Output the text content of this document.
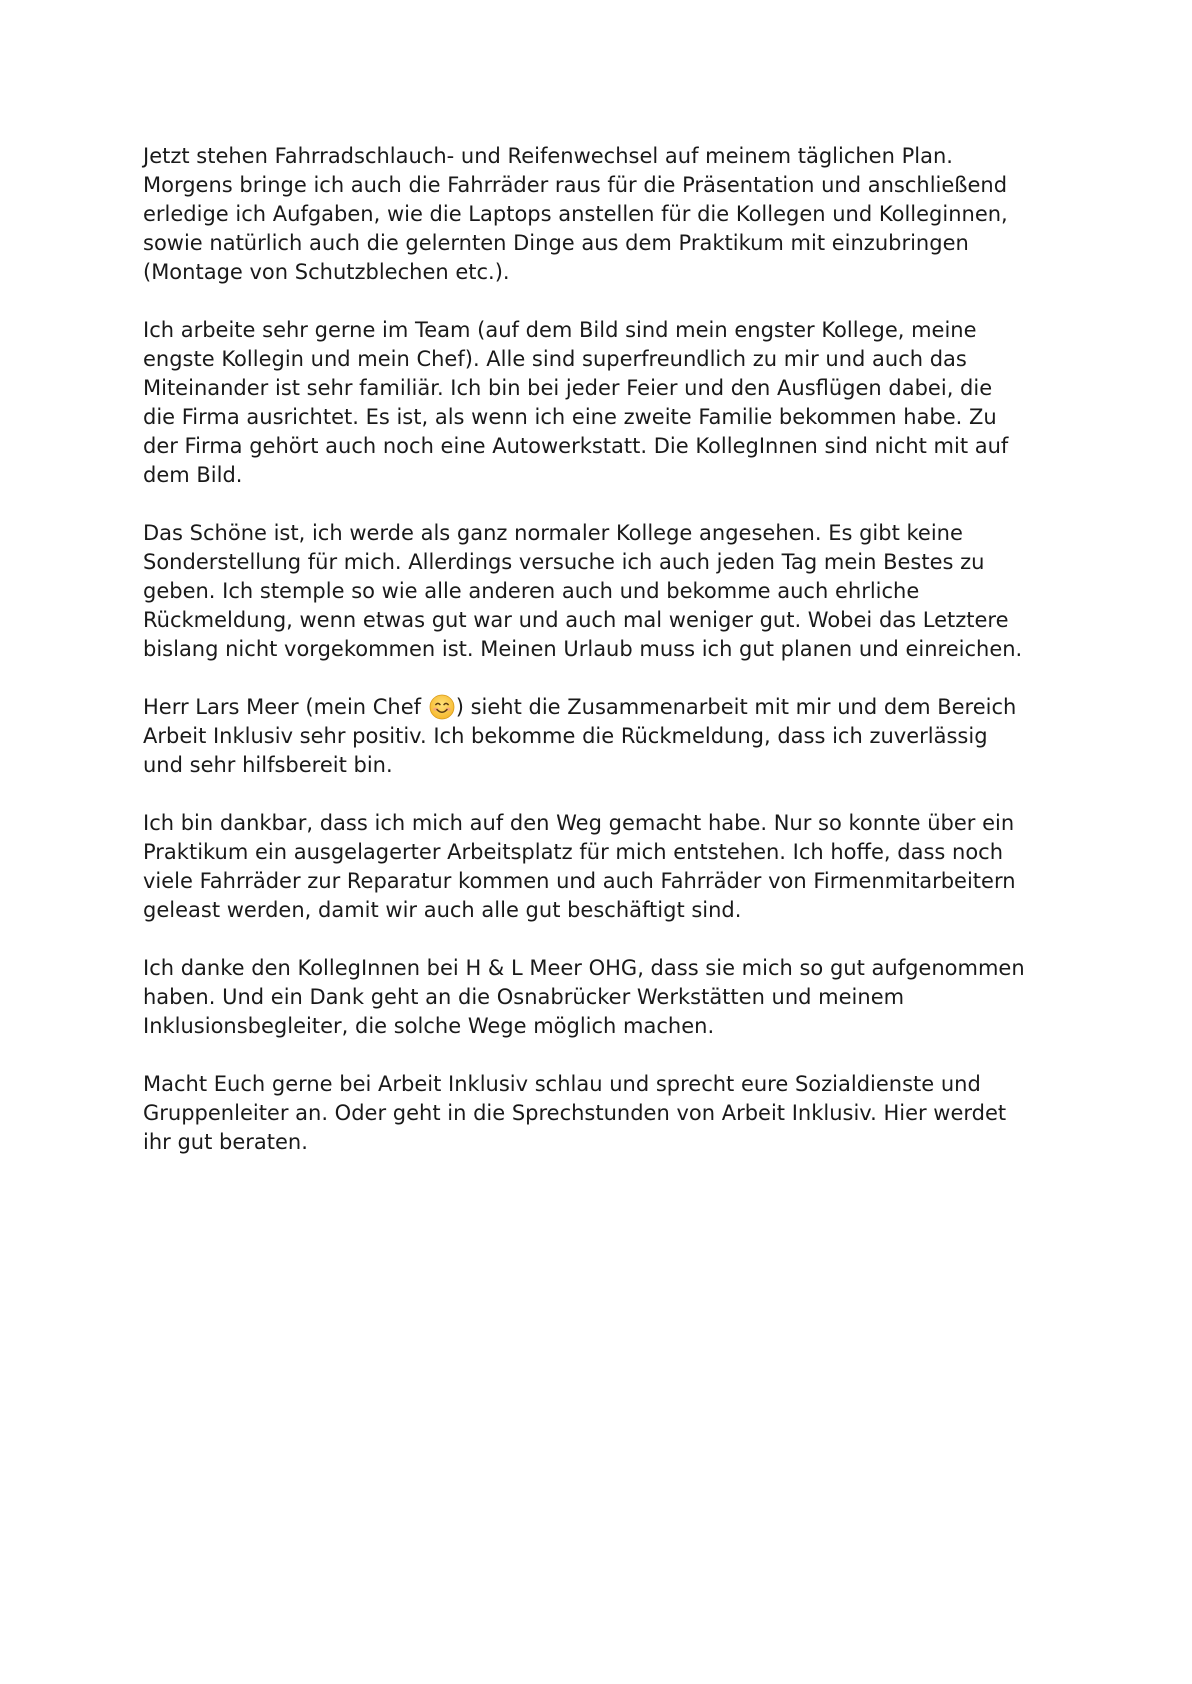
Jetzt stehen Fahrradschlauch- und Reifenwechsel auf meinem täglichen Plan.
Morgens bringe ich auch die Fahrräder raus für die Präsentation und anschließend
erledige ich Aufgaben, wie die Laptops anstellen für die Kollegen und Kolleginnen,
sowie natürlich auch die gelernten Dinge aus dem Praktikum mit einzubringen
(Montage von Schutzblechen etc.).

Ich arbeite sehr gerne im Team (auf dem Bild sind mein engster Kollege, meine
engste Kollegin und mein Chef). Alle sind superfreundlich zu mir und auch das
Miteinander ist sehr familiär. Ich bin bei jeder Feier und den Ausflügen dabei, die
die Firma ausrichtet. Es ist, als wenn ich eine zweite Familie bekommen habe. Zu
der Firma gehört auch noch eine Autowerkstatt. Die KollegInnen sind nicht mit auf
dem Bild.

Das Schöne ist, ich werde als ganz normaler Kollege angesehen. Es gibt keine
Sonderstellung für mich. Allerdings versuche ich auch jeden Tag mein Bestes zu
geben. Ich stemple so wie alle anderen auch und bekomme auch ehrliche
Rückmeldung, wenn etwas gut war und auch mal weniger gut. Wobei das Letztere
bislang nicht vorgekommen ist. Meinen Urlaub muss ich gut planen und einreichen.

Herr Lars Meer (mein Chef ) sieht die Zusammenarbeit mit mir und dem Bereich
Arbeit Inklusiv sehr positiv. Ich bekomme die Rückmeldung, dass ich zuverlässig
und sehr hilfsbereit bin.

Ich bin dankbar, dass ich mich auf den Weg gemacht habe. Nur so konnte über ein
Praktikum ein ausgelagerter Arbeitsplatz für mich entstehen. Ich hoffe, dass noch
viele Fahrräder zur Reparatur kommen und auch Fahrräder von Firmenmitarbeitern
geleast werden, damit wir auch alle gut beschäftigt sind.

Ich danke den KollegInnen bei H & L Meer OHG, dass sie mich so gut aufgenommen
haben. Und ein Dank geht an die Osnabrücker Werkstätten und meinem
Inklusionsbegleiter, die solche Wege möglich machen.

Macht Euch gerne bei Arbeit Inklusiv schlau und sprecht eure Sozialdienste und
Gruppenleiter an. Oder geht in die Sprechstunden von Arbeit Inklusiv. Hier werdet
ihr gut beraten.
